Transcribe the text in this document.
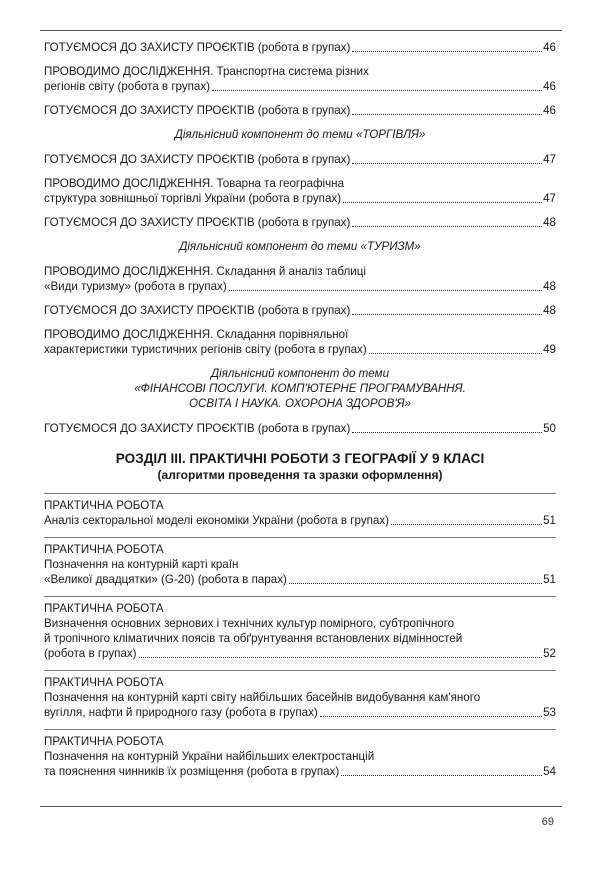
ГОТУЄМОСЯ ДО ЗАХИСТУ ПРОЄКТІВ (робота в групах)	46
ПРОВОДИМО ДОСЛІДЖЕННЯ. Транспортна система різних
регіонів світу (робота в групах)	46
ГОТУЄМОСЯ ДО ЗАХИСТУ ПРОЄКТІВ (робота в групах)	46
Діяльнісний компонент до теми «ТОРГІВЛЯ»
ГОТУЄМОСЯ ДО ЗАХИСТУ ПРОЄКТІВ (робота в групах)	47
ПРОВОДИМО ДОСЛІДЖЕННЯ. Товарна та географічна
структура зовнішньої торгівлі України (робота в групах)	47
ГОТУЄМОСЯ ДО ЗАХИСТУ ПРОЄКТІВ (робота в групах)	48
Діяльнісний компонент до теми «ТУРИЗМ»
ПРОВОДИМО ДОСЛІДЖЕННЯ. Складання й аналіз таблиці
«Види туризму» (робота в групах)	48
ГОТУЄМОСЯ ДО ЗАХИСТУ ПРОЄКТІВ (робота в групах)	48
ПРОВОДИМО ДОСЛІДЖЕННЯ. Складання порівняльної
характеристики туристичних регіонів світу (робота в групах)	49
Діяльнісний компонент до теми
«ФІНАНСОВІ ПОСЛУГИ. КОМП'ЮТЕРНЕ ПРОГРАМУВАННЯ.
ОСВІТА І НАУКА. ОХОРОНА ЗДОРОВ'Я»
ГОТУЄМОСЯ ДО ЗАХИСТУ ПРОЄКТІВ (робота в групах)	50
РОЗДІЛ ІІІ. ПРАКТИЧНІ РОБОТИ З ГЕОГРАФІЇ У 9 КЛАСІ
(алгоритми проведення та зразки оформлення)
ПРАКТИЧНА РОБОТА
Аналіз секторальної моделі економіки України (робота в групах)	51
ПРАКТИЧНА РОБОТА
Позначення на контурній карті країн
«Великої двадцятки» (G-20) (робота в парах)	51
ПРАКТИЧНА РОБОТА
Визначення основних зернових і технічних культур помірного, субтропічного
й тропічного кліматичних поясів та обґрунтування встановлених відмінностей
(робота в групах)	52
ПРАКТИЧНА РОБОТА
Позначення на контурній карті світу найбільших басейнів видобування кам'яного
вугілля, нафти й природного газу (робота в групах)	53
ПРАКТИЧНА РОБОТА
Позначення на контурній України найбільших електростанцій
та пояснення чинників їх розміщення (робота в групах)	54
69
